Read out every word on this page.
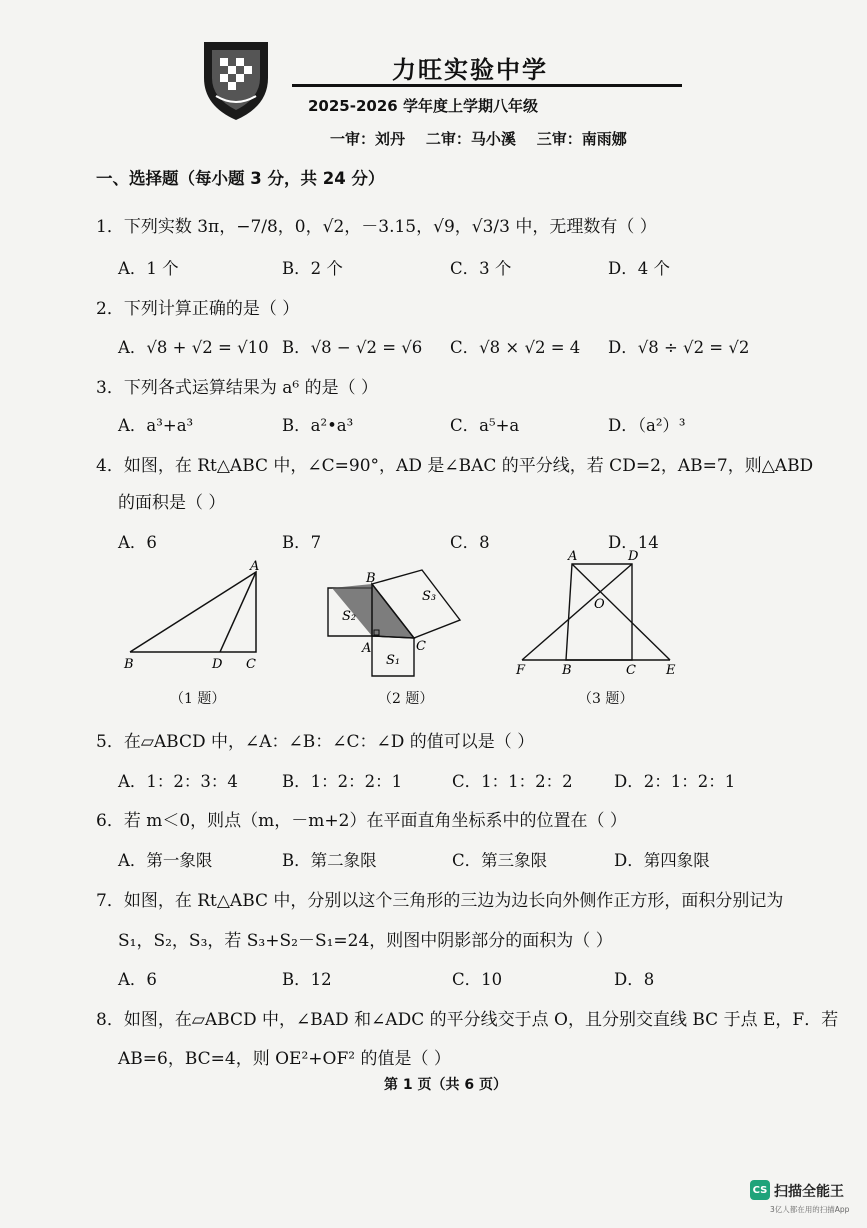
力旺实验中学
2025-2026 学年度上学期八年级
一审：刘丹    二审：马小溪    三审：南雨娜
一、选择题（每小题 3 分，共 24 分）
1．下列实数 3π，−7/8，0，√2，－3.15，√9，√3/3 中，无理数有（ ）
A．1 个	B．2 个	C．3 个	D．4 个
2．下列计算正确的是（ ）
A．√8 + √2 = √10 B．√8 − √2 = √6 C．√8 × √2 = 4 D．√8 ÷ √2 = √2
3．下列各式运算结果为 a⁶ 的是（ ）
A．a³+a³	B．a²•a³	C．a⁵+a	D．（a²）³
4．如图，在 Rt△ABC 中，∠C=90°，AD 是∠BAC 的平分线，若 CD=2，AB=7，则△ABD
的面积是（ ）
A．6	B．7	C．8	D．14
A
B	D C
（1 题）
B
A	C
S₂
S₁
S₃
（2 题）
A	D
O
F	B	C E
（3 题）
5．在▱ABCD 中，∠A：∠B：∠C：∠D 的值可以是（ ）
A．1：2：3：4	B．1：2：2：1	C．1：1：2：2	D．2：1：2：1
6．若 m＜0，则点（m，－m+2）在平面直角坐标系中的位置在（ ）
A．第一象限	B．第二象限	C．第三象限	D．第四象限
7．如图，在 Rt△ABC 中，分别以这个三角形的三边为边长向外侧作正方形，面积分别记为
S₁，S₂，S₃，若 S₃+S₂－S₁=24，则图中阴影部分的面积为（ ）
A．6	B．12	C．10	D．8
8．如图，在▱ABCD 中，∠BAD 和∠ADC 的平分线交于点 O，且分别交直线 BC 于点 E，F．若
AB=6，BC=4，则 OE²+OF² 的值是（ ）
第 1 页（共 6 页）
CS 扫描全能王
3亿人都在用的扫描App
